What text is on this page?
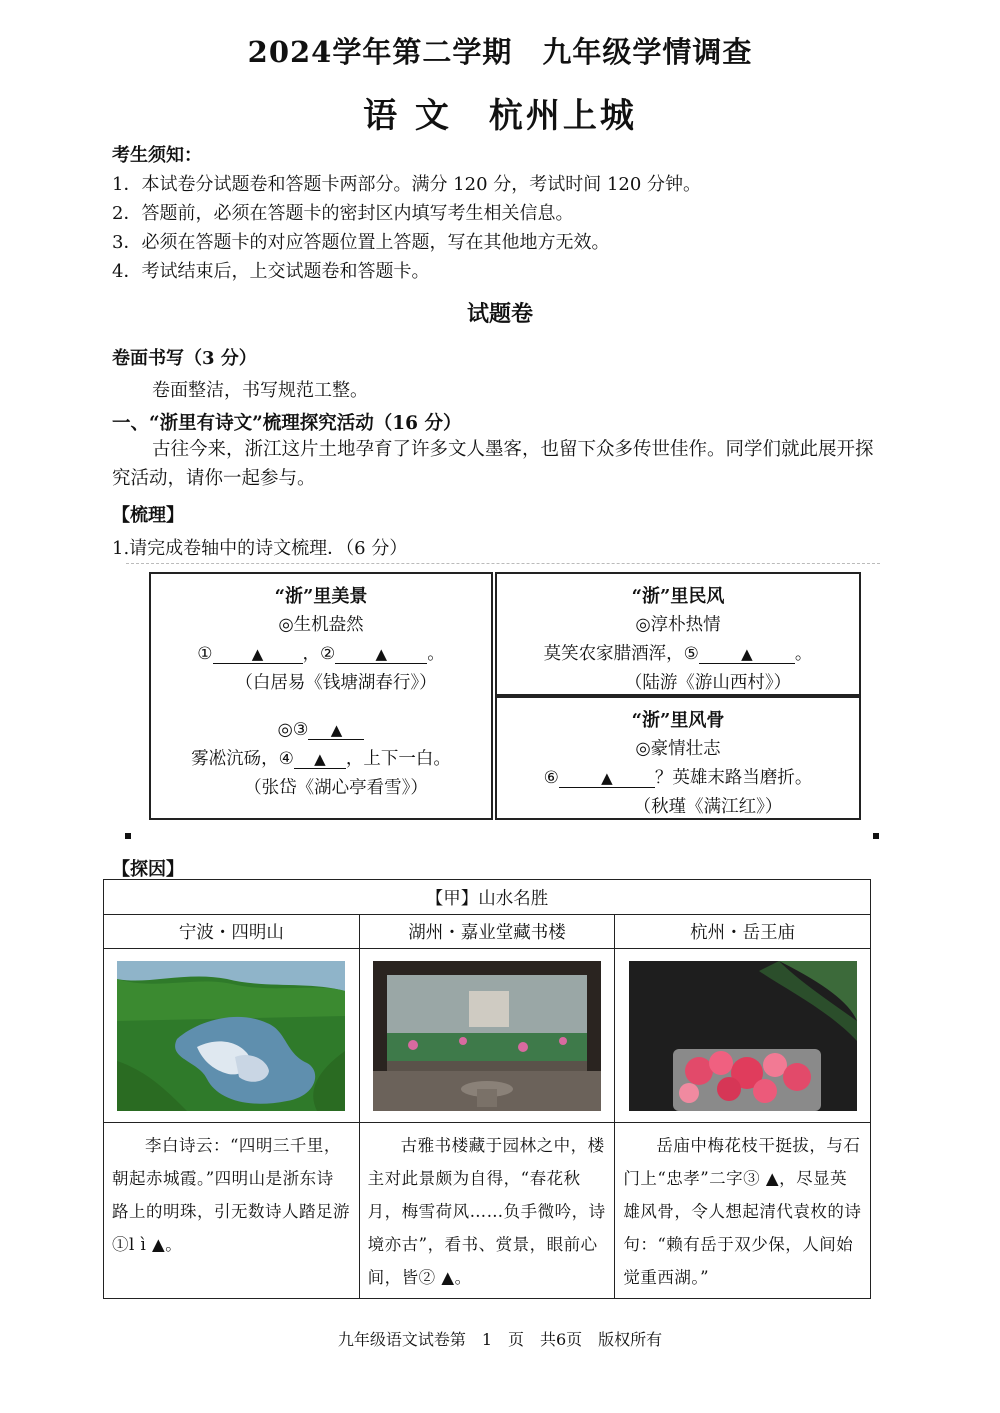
2024学年第二学期　九年级学情调查
语 文　杭州上城
考生须知：
1．本试卷分试题卷和答题卡两部分。满分 120 分，考试时间 120 分钟。
2．答题前，必须在答题卡的密封区内填写考生相关信息。
3．必须在答题卡的对应答题位置上答题，写在其他地方无效。
4．考试结束后，上交试题卷和答题卡。
试题卷
卷面书写（3 分）
卷面整洁，书写规范工整。
一、“浙里有诗文”梳理探究活动（16 分）
古往今来，浙江这片土地孕育了许多文人墨客，也留下众多传世佳作。同学们就此展开探究活动，请你一起参与。
【梳理】
1.请完成卷轴中的诗文梳理．（6 分）
“浙”里美景
◎生机盎然
①	▲ ，②	▲ 。
（白居易《钱塘湖春行》）
◎③ ▲
雾凇沆砀，④ ▲ ，上下一白。
（张岱《湖心亭看雪》）
“浙”里民风
◎淳朴热情
莫笑农家腊酒浑，⑤	▲ 。
（陆游《游山西村》）
“浙”里风骨
◎豪情壮志
⑥	▲ ？英雄末路当磨折。
（秋瑾《满江红》）
【探因】
【甲】山水名胜		
宁波・四明山	湖州・嘉业堂藏书楼	杭州・岳王庙

李白诗云：“四明三千里，朝起赤城霞。”四明山是浙东诗路上的明珠，引无数诗人踏足游①l ì ▲。	古雅书楼藏于园林之中，楼主对此景颇为自得，“春花秋月，梅雪荷风……负手微吟，诗境亦古”，看书、赏景，眼前心间，皆② ▲。	岳庙中梅花枝干挺拔，与石门上“忠孝”二字③ ▲，尽显英雄风骨，令人想起清代袁枚的诗句：“赖有岳于双少保，人间始觉重西湖。”
九年级语文试卷第　1　页　共6页　版权所有
